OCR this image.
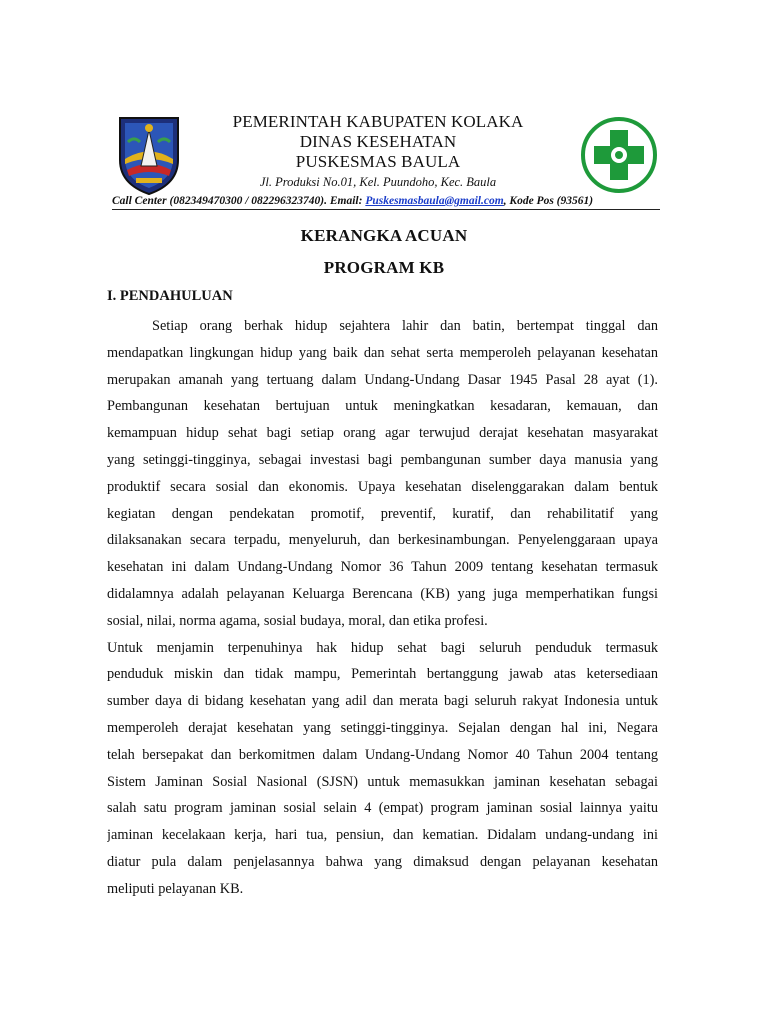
PEMERINTAH KABUPATEN KOLAKA
DINAS KESEHATAN
PUSKESMAS BAULA
Jl. Produksi No.01, Kel. Puundoho, Kec. Baula
Call Center (082349470300 / 082296323740). Email: Puskesmasbaula@gmail.com, Kode Pos (93561)
KERANGKA ACUAN
PROGRAM KB
I. PENDAHULUAN
Setiap orang berhak hidup sejahtera lahir dan batin, bertempat tinggal dan
mendapatkan lingkungan hidup yang baik dan sehat serta memperoleh pelayanan kesehatan
merupakan amanah yang tertuang dalam Undang-Undang Dasar 1945 Pasal 28 ayat (1).
Pembangunan kesehatan bertujuan untuk meningkatkan kesadaran, kemauan, dan
kemampuan hidup sehat bagi setiap orang agar terwujud derajat kesehatan masyarakat
yang setinggi-tingginya, sebagai investasi bagi pembangunan sumber daya manusia yang
produktif secara sosial dan ekonomis. Upaya kesehatan diselenggarakan dalam bentuk
kegiatan dengan pendekatan promotif, preventif, kuratif, dan rehabilitatif yang
dilaksanakan secara terpadu, menyeluruh, dan berkesinambungan. Penyelenggaraan upaya
kesehatan ini dalam Undang-Undang Nomor 36 Tahun 2009 tentang kesehatan termasuk
didalamnya adalah pelayanan Keluarga Berencana (KB) yang juga memperhatikan fungsi
sosial, nilai, norma agama, sosial budaya, moral, dan etika profesi.
Untuk menjamin terpenuhinya hak hidup sehat bagi seluruh penduduk termasuk
penduduk miskin dan tidak mampu, Pemerintah bertanggung jawab atas ketersediaan
sumber daya di bidang kesehatan yang adil dan merata bagi seluruh rakyat Indonesia untuk
memperoleh derajat kesehatan yang setinggi-tingginya. Sejalan dengan hal ini, Negara
telah bersepakat dan berkomitmen dalam Undang-Undang Nomor 40 Tahun 2004 tentang
Sistem Jaminan Sosial Nasional (SJSN) untuk memasukkan jaminan kesehatan sebagai
salah satu program jaminan sosial selain 4 (empat) program jaminan sosial lainnya yaitu
jaminan kecelakaan kerja, hari tua, pensiun, dan kematian. Didalam undang-undang ini
diatur pula dalam penjelasannya bahwa yang dimaksud dengan pelayanan kesehatan
meliputi pelayanan KB.
